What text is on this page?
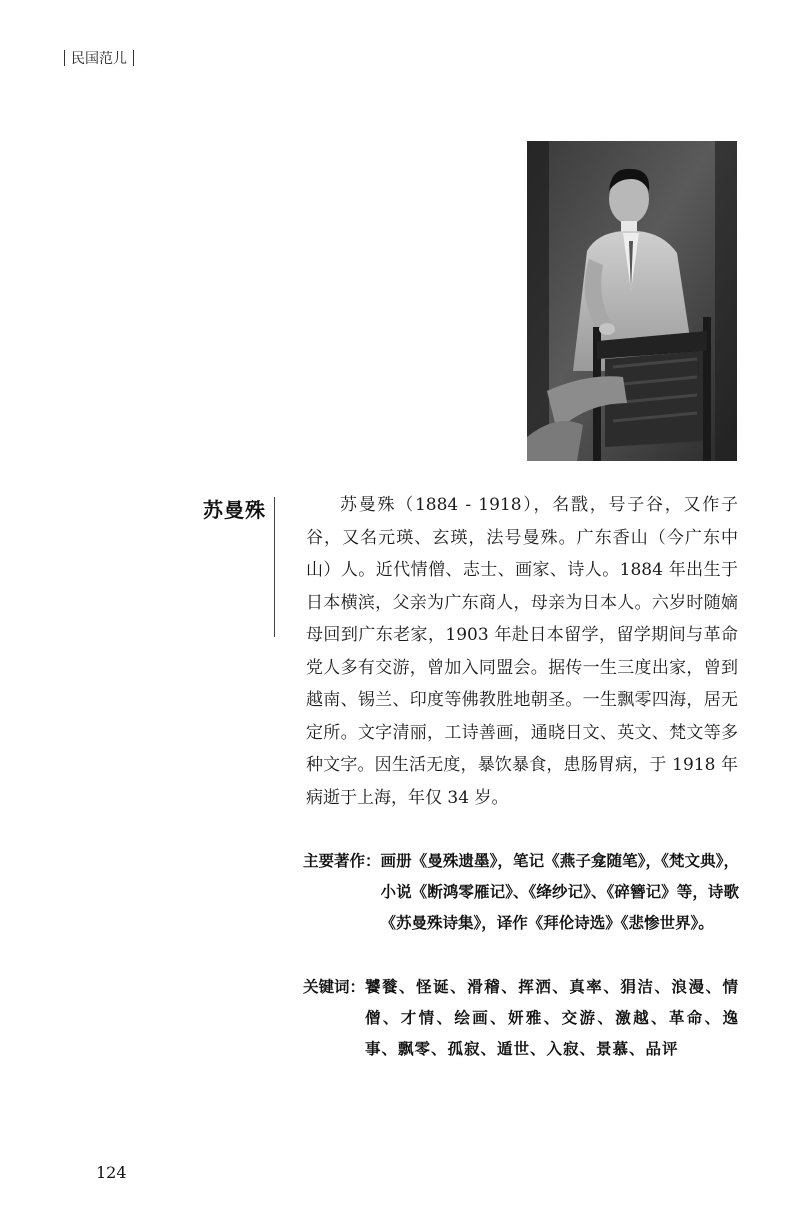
民国范儿
苏曼殊	苏曼殊（1884 - 1918），名戬，号子谷，又作子谷，又名元瑛、玄瑛，法号曼殊。广东香山（今广东中山）人。近代情僧、志士、画家、诗人。1884 年出生于日本横滨，父亲为广东商人，母亲为日本人。六岁时随嫡母回到广东老家，1903 年赴日本留学，留学期间与革命党人多有交游，曾加入同盟会。据传一生三度出家，曾到越南、锡兰、印度等佛教胜地朝圣。一生飘零四海，居无定所。文字清丽，工诗善画，通晓日文、英文、梵文等多种文字。因生活无度，暴饮暴食，患肠胃病，于 1918 年病逝于上海，年仅 34 岁。

主要著作： 画册《曼殊遗墨》，笔记《燕子龛随笔》，《梵文典》，小说《断鸿零雁记》、《绛纱记》、《碎簪记》等，诗歌《苏曼殊诗集》，译作《拜伦诗选》《悲惨世界》。
关键词： 饕餮、怪诞、滑稽、挥洒、真率、狷洁、浪漫、情僧、才情、绘画、妍雅、交游、激越、革命、逸事、飘零、孤寂、遁世、入寂、景慕、品评
124
